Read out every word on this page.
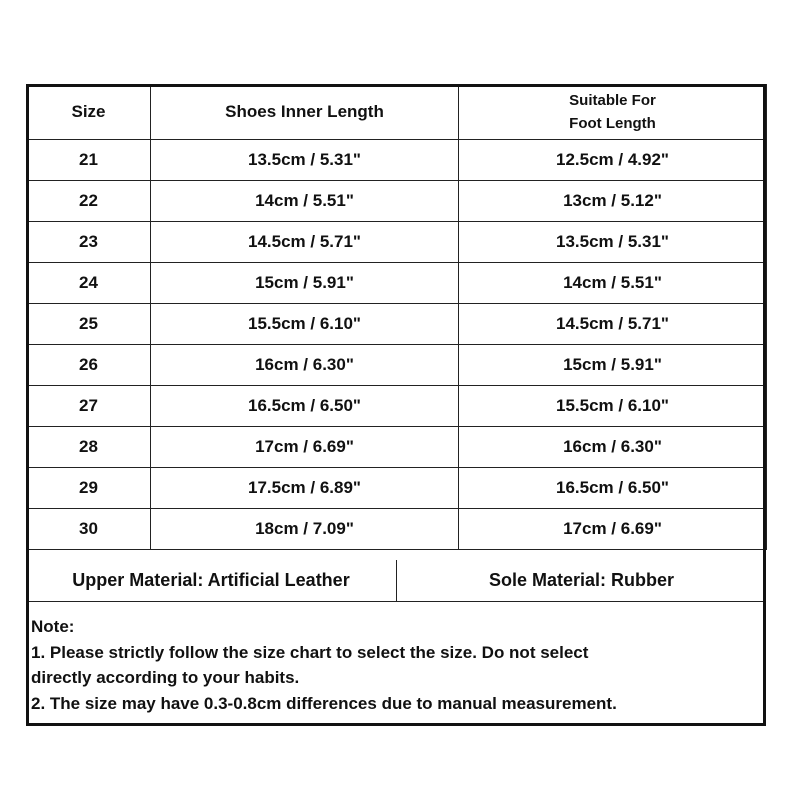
Size	Shoes Inner Length	Suitable For
Foot Length

21	13.5cm / 5.31"	12.5cm / 4.92"
22	14cm / 5.51"	13cm / 5.12"
23	14.5cm / 5.71"	13.5cm / 5.31"
24	15cm / 5.91"	14cm / 5.51"
25	15.5cm / 6.10"	14.5cm / 5.71"
26	16cm / 6.30"	15cm / 5.91"
27	16.5cm / 6.50"	15.5cm / 6.10"
28	17cm / 6.69"	16cm / 6.30"
29	17.5cm / 6.89"	16.5cm / 6.50"
30	18cm / 7.09"	17cm / 6.69"
Upper Material: Artificial Leather	Sole Material: Rubber
Note:
1. Please strictly follow the size chart to select the size. Do not select
directly according to your habits.
2. The size may have 0.3-0.8cm differences due to manual measurement.
